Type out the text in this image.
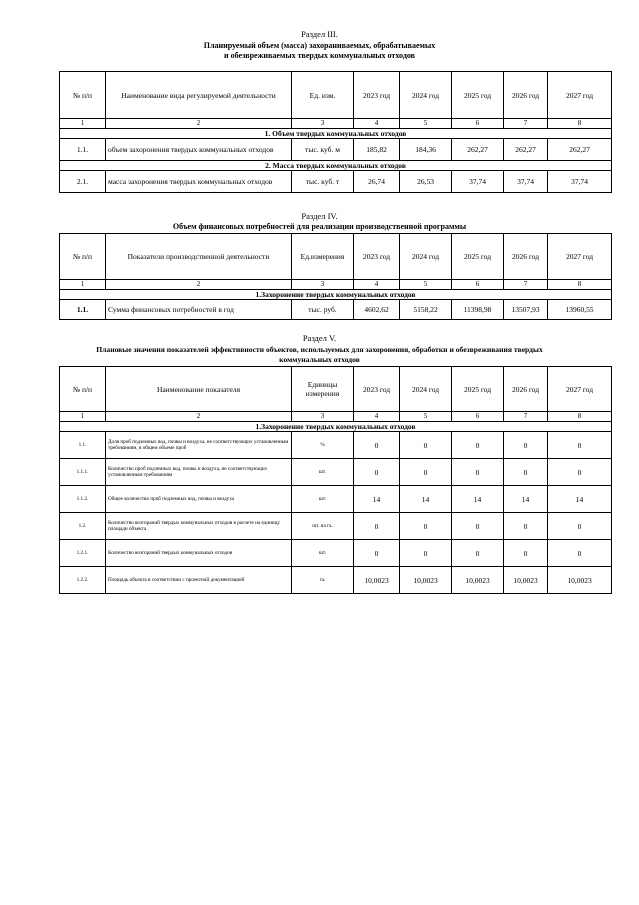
Раздел III.
Планируемый объем (масса) захораниваемых, обрабатываемых
и обезвреживаемых твердых коммунальных отходов
№ п/п	Наименование вида регулируемой деятельности	Ед. изм.	2023 год	2024 год	2025 год	2026 год	2027 год
1	2	3	4	5	6	7	8
1. Объем твердых коммунальных отходов							
1.1.	объем захоронения твердых коммунальных отходов	тыс. куб. м	185,82	184,36	262,27	262,27	262,27
2. Масса твердых коммунальных отходов							
2.1.	масса захоронения твердых коммунальных отходов	тыс. куб. т	26,74	26,53	37,74	37,74	37,74
Раздел IV.
Объем финансовых потребностей для реализации производственной программы
№ п/п	Показатели производственной деятельности	Ед.измерения	2023 год	2024 год	2025 год	2026 год	2027 год
1	2	3	4	5	6	7	8
1.Захоронение твердых коммунальных отходов							
1.1.	Сумма финансовых потребностей в год	тыс. руб.	4602,62	5158,22	11398,98	13507,93	13960,55
Раздел V.
Плановые значения показателей эффективности объектов, используемых для захоронения, обработки и обезвреживания твердых
коммунальных отходов
№ п/п	Наименование показателя	Единицы измерения	2023 год	2024 год	2025 год	2026 год	2027 год
1	2	3	4	5	6	7	8
1.Захоронение твердых коммунальных отходов							
1.1.	Доля проб подземных вод, почвы и воздуха, не соответствующих установленным требованиям, в общем объеме проб	%	0	0	0	0	0
1.1.1.	Количество проб подземных вод, почвы и воздуха, не соответствующих установленным требованиям	шт.	0	0	0	0	0
1.1.2.	Общее количество проб подземных вод, почвы и воздуха	шт.	14	14	14	14	14
1.2.	Количество возгораний твердых коммунальных отходов в расчете на единицу площади объекта	шт. на га.	0	0	0	0	0
1.2.1.	Количество возгораний твердых коммунальных отходов	шт.	0	0	0	0	0
1.2.2.	Площадь объекта в соответствии с проектной документацией	га.	10,0023	10,0023	10,0023	10,0023	10,0023
